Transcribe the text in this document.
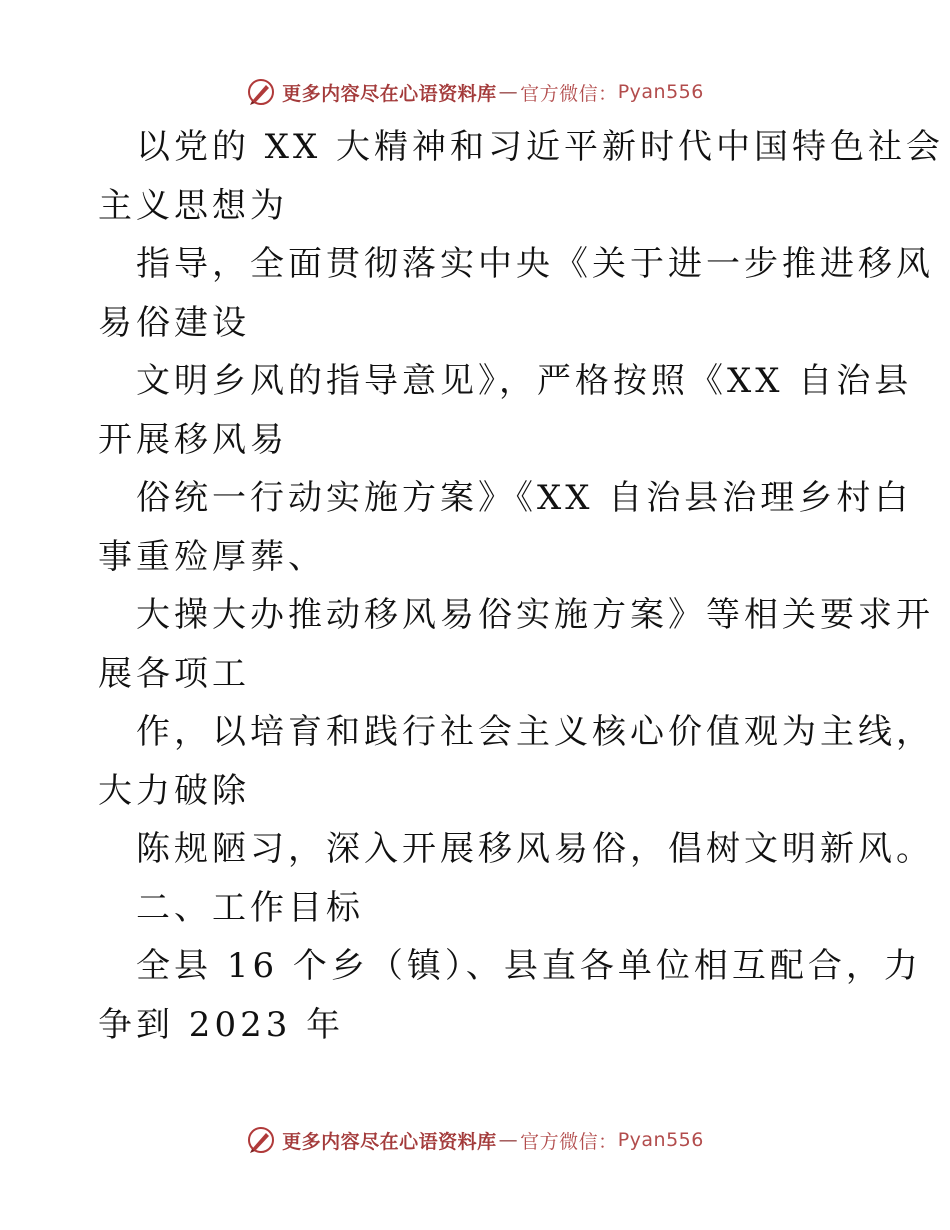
更多内容尽在心语资料库 — 官方微信： Pyan556
以党的 XX 大精神和习近平新时代中国特色社会
主义思想为
指导，全面贯彻落实中央《关于进一步推进移风
易俗建设
文明乡风的指导意见》，严格按照《XX 自治县
开展移风易
俗统一行动实施方案》《XX 自治县治理乡村白
事重殓厚葬、
大操大办推动移风易俗实施方案》等相关要求开
展各项工
作，以培育和践行社会主义核心价值观为主线，
大力破除
陈规陋习，深入开展移风易俗，倡树文明新风。
二、工作目标
全县 16 个乡（镇）、县直各单位相互配合，力
争到 2023 年
更多内容尽在心语资料库 — 官方微信： Pyan556
